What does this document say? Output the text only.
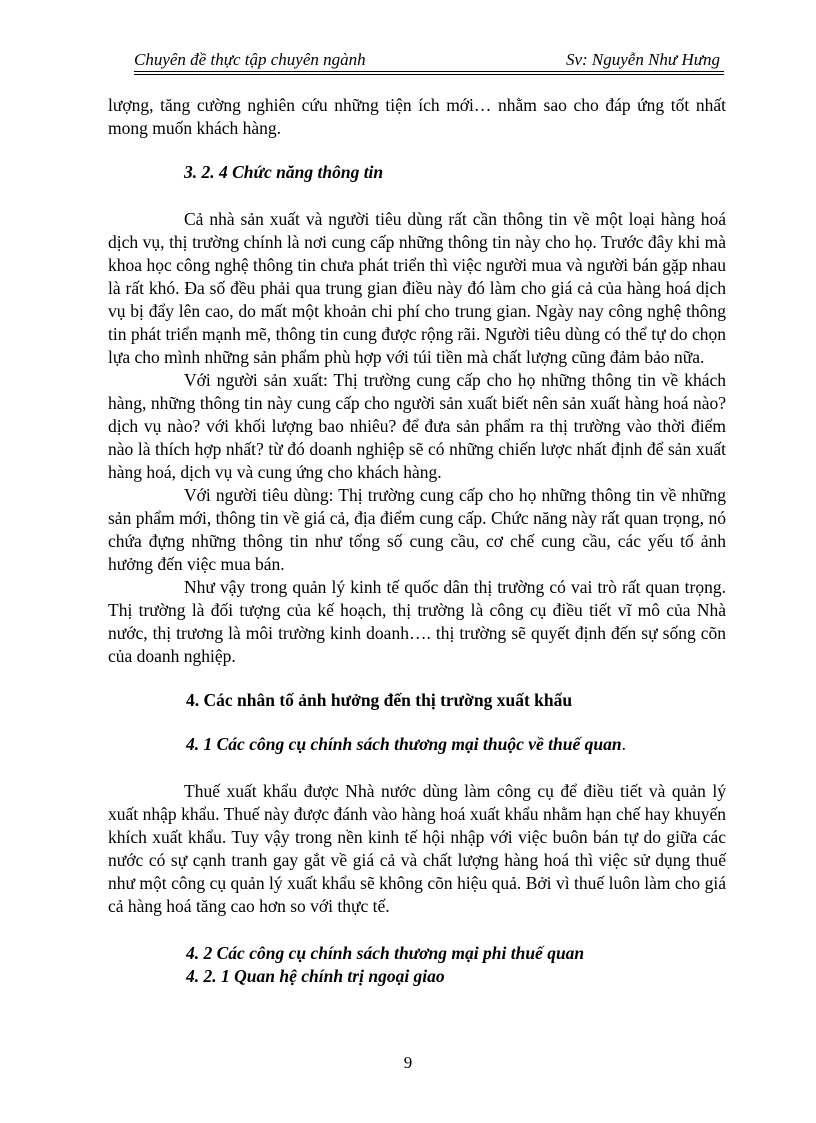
Chuyên đề thực tập chuyên ngành	Sv: Nguyễn Như Hưng

lượng, tăng cường nghiên cứu những tiện ích mới… nhằm sao cho đáp ứng tốt nhất mong muốn khách hàng.

3. 2. 4 Chức năng thông tin

Cả nhà sản xuất và người tiêu dùng rất cần thông tin về một loại hàng hoá dịch vụ, thị trường chính là nơi cung cấp những thông tin này cho họ. Trước đây khi mà khoa học công nghệ thông tin chưa phát triển thì việc người mua và người bán gặp nhau là rất khó. Đa số đều phải qua trung gian điều này đó làm cho giá cả của hàng hoá dịch vụ bị đẩy lên cao, do mất một khoản chi phí cho trung gian. Ngày nay công nghệ thông tin phát triển mạnh mẽ, thông tin cung được rộng rãi. Người tiêu dùng có thể tự do chọn lựa cho mình những sản phẩm phù hợp với túi tiền mà chất lượng cũng đảm bảo nữa.

Với người sản xuất: Thị trường cung cấp cho họ những thông tin về khách hàng, những thông tin này cung cấp cho người sản xuất biết nên sản xuất hàng hoá nào? dịch vụ nào? với khối lượng bao nhiêu? để đưa sản phẩm ra thị trường vào thời điểm nào là thích hợp nhất? từ đó doanh nghiệp sẽ có những chiến lược nhất định để sản xuất hàng hoá, dịch vụ và cung ứng cho khách hàng.

Với người tiêu dùng: Thị trường cung cấp cho họ những thông tin về những sản phẩm mới, thông tin về giá cả, địa điểm cung cấp. Chức năng này rất quan trọng, nó chứa đựng những thông tin như tổng số cung cầu, cơ chế cung cầu, các yếu tố ảnh hưởng đến việc mua bán.

Như vậy trong quản lý kinh tế quốc dân thị trường có vai trò rất quan trọng. Thị trường là đối tượng của kế hoạch, thị trường là công cụ điều tiết vĩ mô của Nhà nước, thị trương là môi trường kinh doanh…. thị trường sẽ quyết định đến sự sống cõn của doanh nghiệp.

4. Các nhân tố ảnh hưởng đến thị trường xuất khẩu

4. 1 Các công cụ chính sách thương mại thuộc về thuế quan.

Thuế xuất khẩu được Nhà nước dùng làm công cụ để điều tiết và quản lý xuất nhập khẩu. Thuế này được đánh vào hàng hoá xuất khẩu nhằm hạn chế hay khuyến khích xuất khẩu. Tuy vậy trong nền kinh tế hội nhập với việc buôn bán tự do giữa các nước có sự cạnh tranh gay gắt về giá cả và chất lượng hàng hoá thì việc sử dụng thuế như một công cụ quản lý xuất khẩu sẽ không cõn hiệu quả. Bởi vì thuế luôn làm cho giá cả hàng hoá tăng cao hơn so với thực tế.

4. 2 Các công cụ chính sách thương mại phi thuế quan

4. 2. 1 Quan hệ chính trị ngoại giao

9
